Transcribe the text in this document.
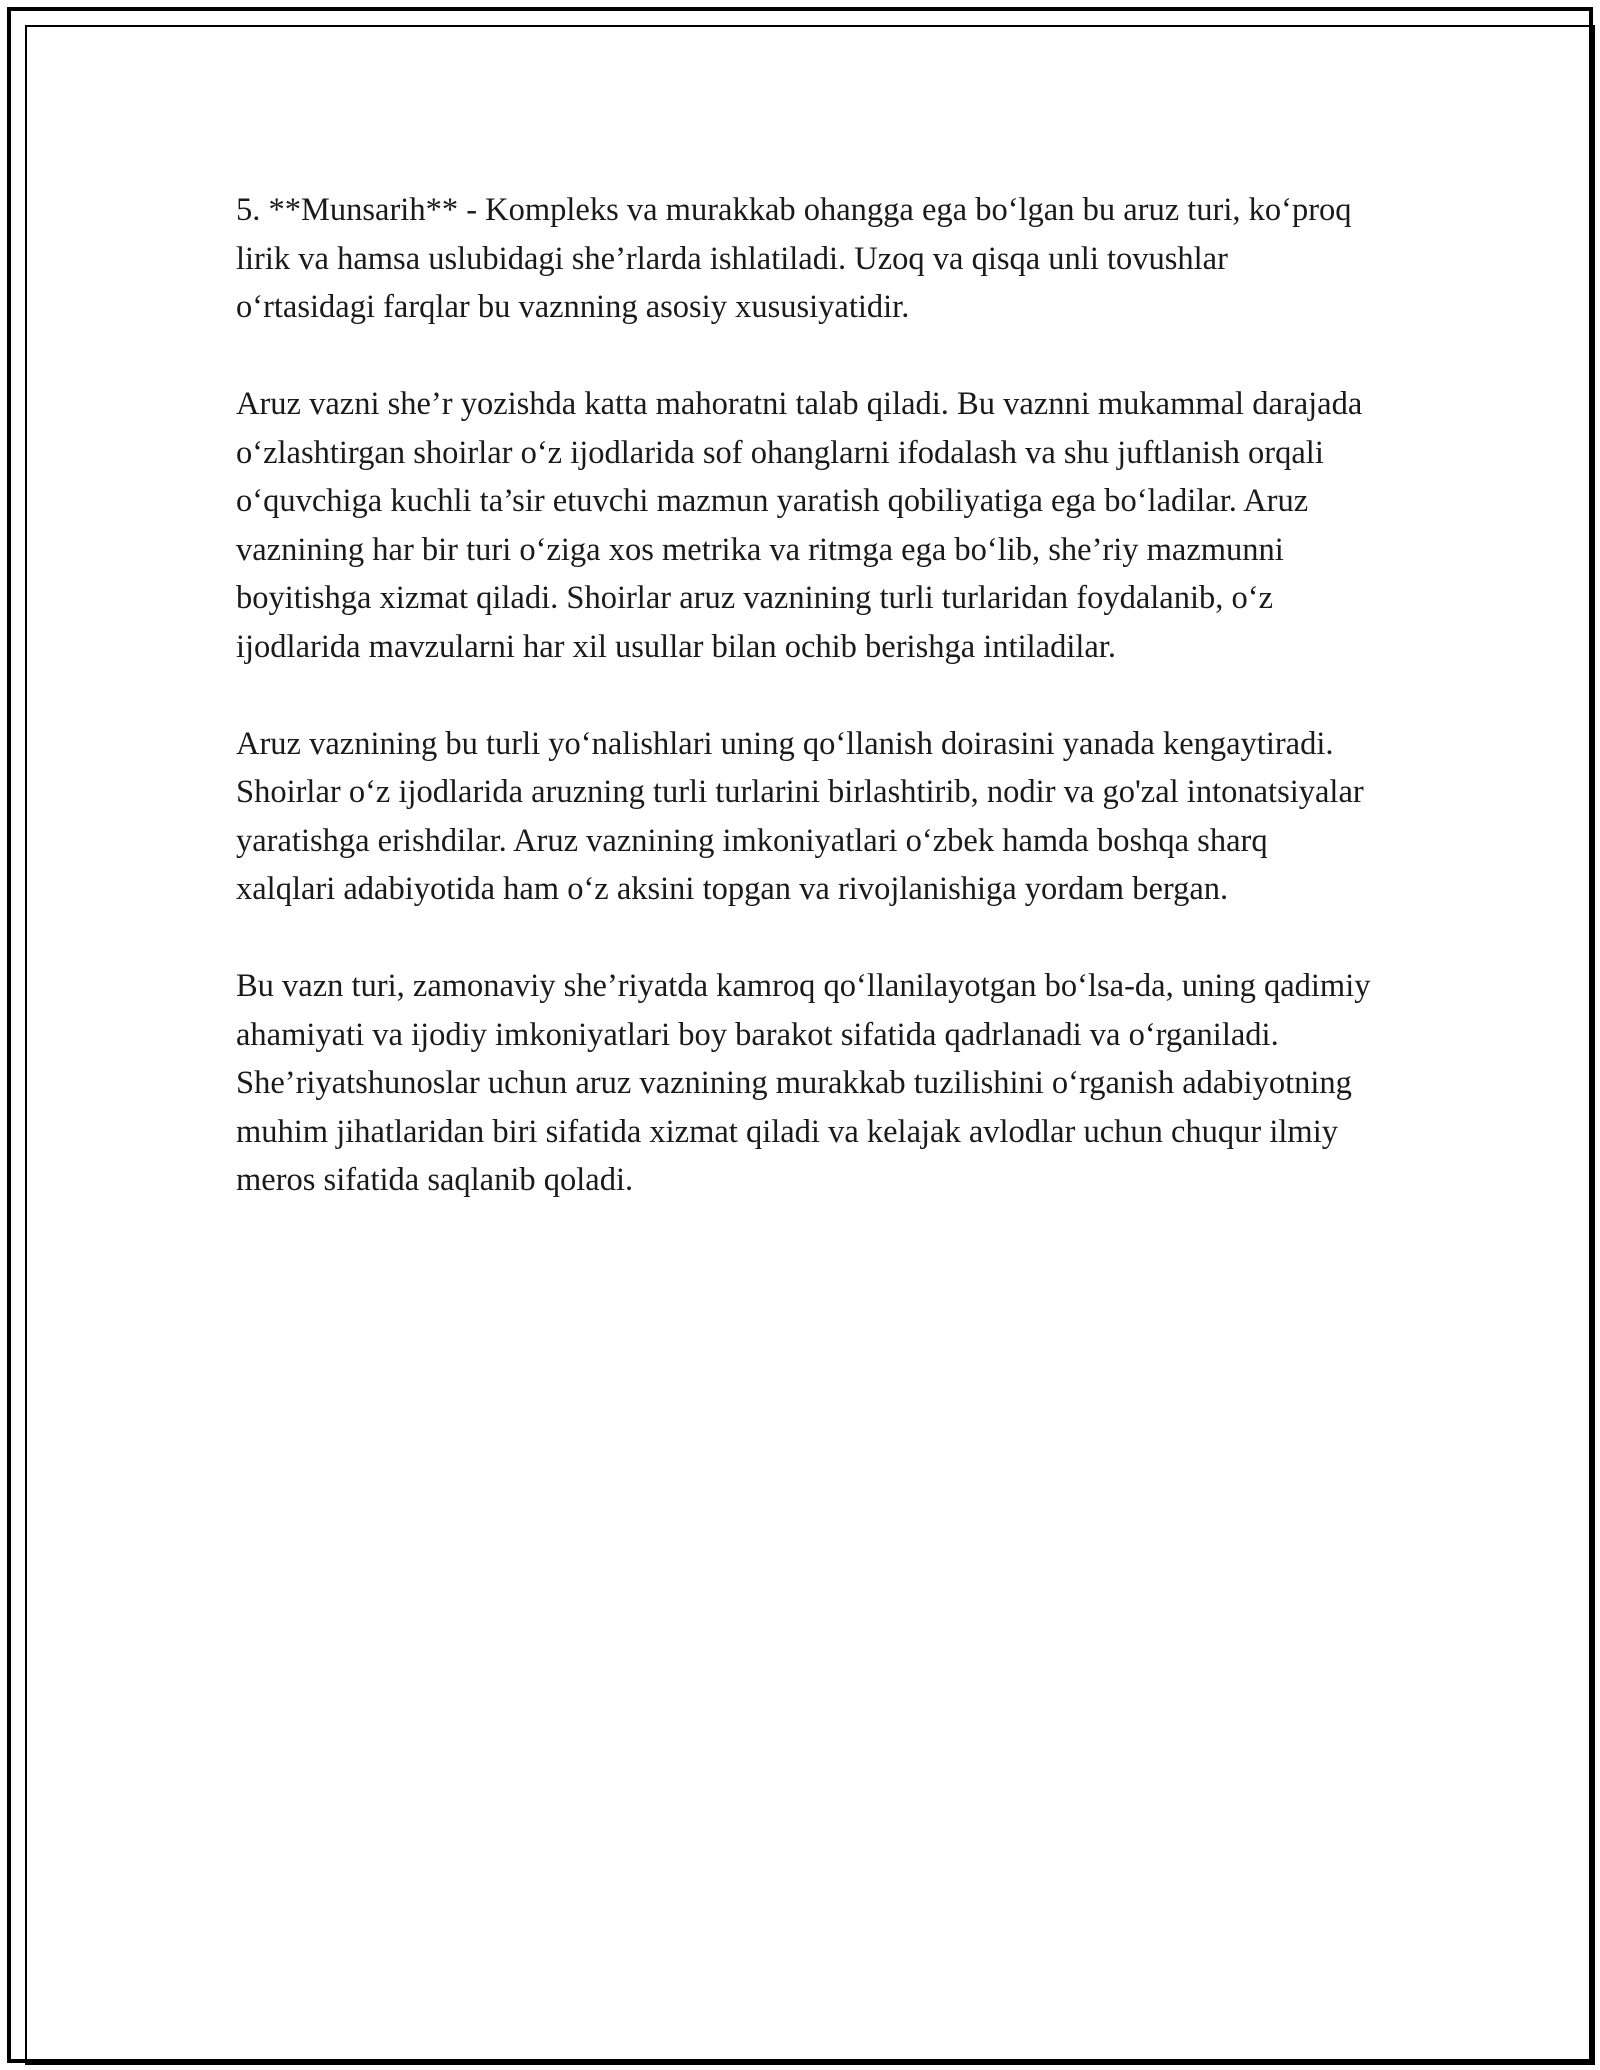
5. **Munsarih** - Kompleks va murakkab ohangga ega bo‘lgan bu aruz turi, ko‘proq lirik va hamsa uslubidagi she’rlarda ishlatiladi. Uzoq va qisqa unli tovushlar o‘rtasidagi farqlar bu vaznning asosiy xususiyatidir.

Aruz vazni she’r yozishda katta mahoratni talab qiladi. Bu vaznni mukammal darajada o‘zlashtirgan shoirlar o‘z ijodlarida sof ohanglarni ifodalash va shu juftlanish orqali o‘quvchiga kuchli ta’sir etuvchi mazmun yaratish qobiliyatiga ega bo‘ladilar. Aruz vaznining har bir turi o‘ziga xos metrika va ritmga ega bo‘lib, she’riy mazmunni boyitishga xizmat qiladi. Shoirlar aruz vaznining turli turlaridan foydalanib, o‘z ijodlarida mavzularni har xil usullar bilan ochib berishga intiladilar.

Aruz vaznining bu turli yo‘nalishlari uning qo‘llanish doirasini yanada kengaytiradi. Shoirlar o‘z ijodlarida aruzning turli turlarini birlashtirib, nodir va go'zal intonatsiyalar yaratishga erishdilar. Aruz vaznining imkoniyatlari o‘zbek hamda boshqa sharq xalqlari adabiyotida ham o‘z aksini topgan va rivojlanishiga yordam bergan.

Bu vazn turi, zamonaviy she’riyatda kamroq qo‘llanilayotgan bo‘lsa-da, uning qadimiy ahamiyati va ijodiy imkoniyatlari boy barakot sifatida qadrlanadi va o‘rganiladi. She’riyatshunoslar uchun aruz vaznining murakkab tuzilishini o‘rganish adabiyotning muhim jihatlaridan biri sifatida xizmat qiladi va kelajak avlodlar uchun chuqur ilmiy meros sifatida saqlanib qoladi.
